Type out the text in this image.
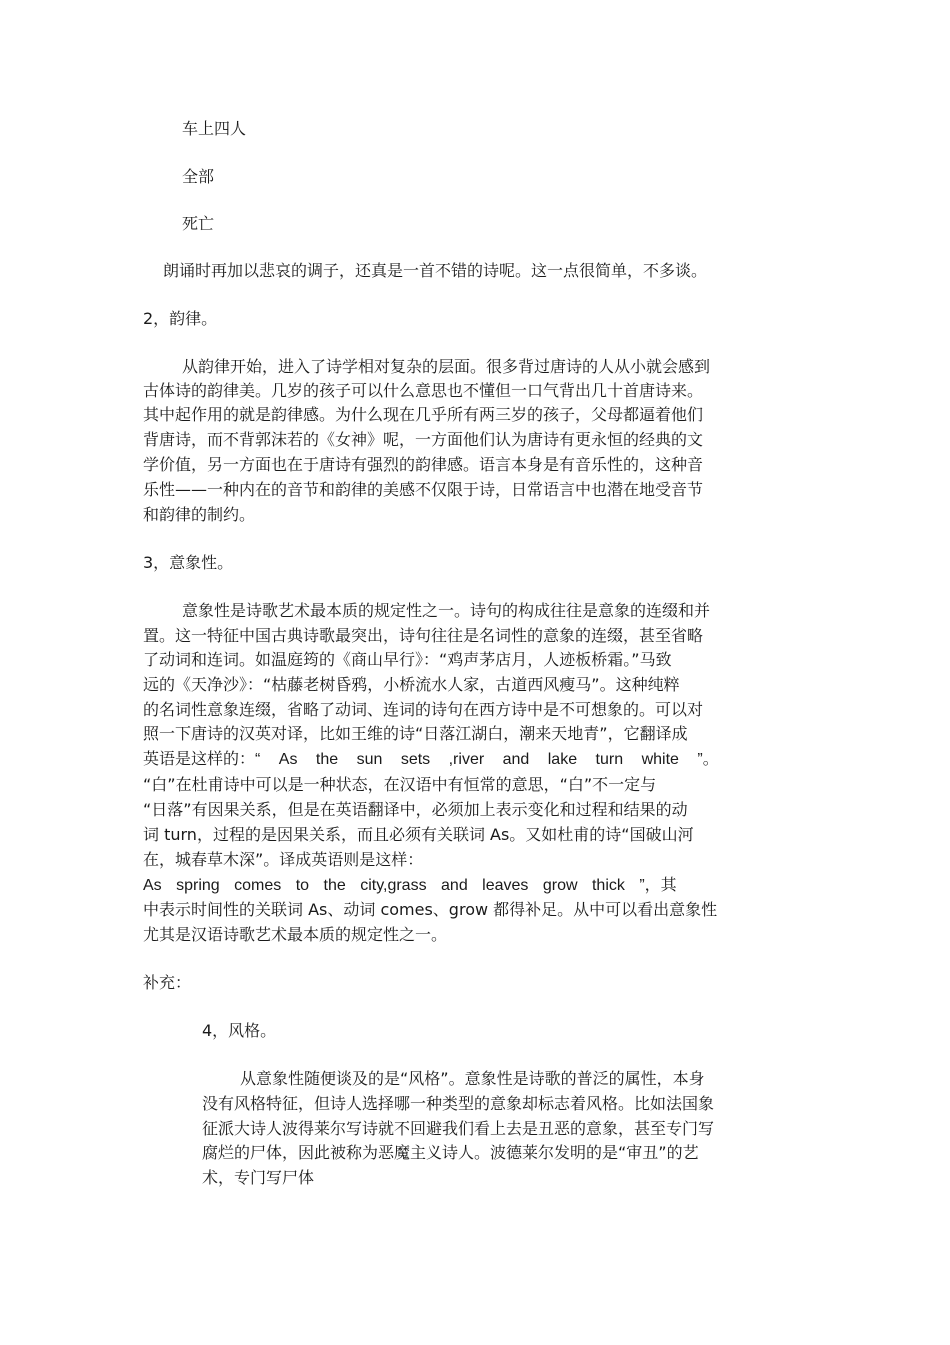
车上四人
全部
死亡
朗诵时再加以悲哀的调子，还真是一首不错的诗呢。这一点很简单，不多谈。
2，韵律。
从韵律开始，进入了诗学相对复杂的层面。很多背过唐诗的人从小就会感到
古体诗的韵律美。几岁的孩子可以什么意思也不懂但一口气背出几十首唐诗来。
其中起作用的就是韵律感。为什么现在几乎所有两三岁的孩子，父母都逼着他们
背唐诗，而不背郭沫若的《女神》呢，一方面他们认为唐诗有更永恒的经典的文
学价值，另一方面也在于唐诗有强烈的韵律感。语言本身是有音乐性的，这种音
乐性——一种内在的音节和韵律的美感不仅限于诗，日常语言中也潜在地受音节
和韵律的制约。
3，意象性。
意象性是诗歌艺术最本质的规定性之一。诗句的构成往往是意象的连缀和并
置。这一特征中国古典诗歌最突出，诗句往往是名词性的意象的连缀，甚至省略
了动词和连词。如温庭筠的《商山早行》：“鸡声茅店月，人迹板桥霜。”马致
远的《天净沙》：“枯藤老树昏鸦，小桥流水人家，古道西风瘦马”。这种纯粹
的名词性意象连缀，省略了动词、连词的诗句在西方诗中是不可想象的。可以对
照一下唐诗的汉英对译，比如王维的诗“日落江湖白，潮来天地青”，它翻译成
英语是这样的：“ As the sun sets ,river and lake turn white ”。
“白”在杜甫诗中可以是一种状态，在汉语中有恒常的意思，“白”不一定与
“日落”有因果关系，但是在英语翻译中，必须加上表示变化和过程和结果的动
词 turn，过程的是因果关系，而且必须有关联词 As。又如杜甫的诗“国破山河
在，城春草木深”。译成英语则是这样：
As spring comes to the city,grass and leaves grow thick ”，其
中表示时间性的关联词 As、动词 comes、grow 都得补足。从中可以看出意象性
尤其是汉语诗歌艺术最本质的规定性之一。
补充：
4，风格。
从意象性随便谈及的是“风格”。意象性是诗歌的普泛的属性，本身
没有风格特征，但诗人选择哪一种类型的意象却标志着风格。比如法国象
征派大诗人波得莱尔写诗就不回避我们看上去是丑恶的意象，甚至专门写
腐烂的尸体，因此被称为恶魔主义诗人。波德莱尔发明的是“审丑”的艺
术，专门写尸体
